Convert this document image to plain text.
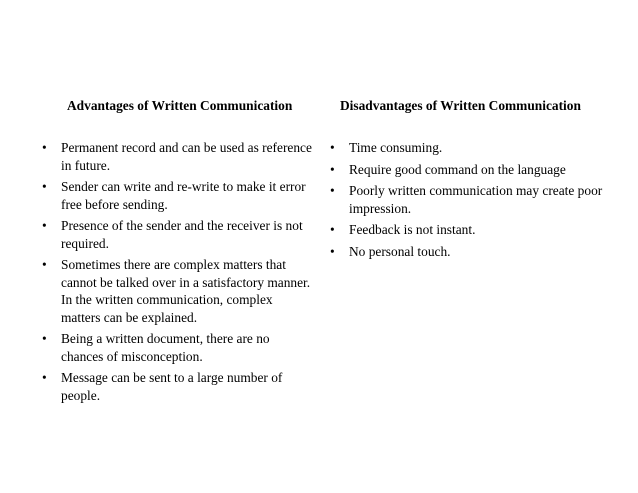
Advantages of Written Communication
•	Permanent record and can be used as reference in future.
•	Sender can write and re-write to make it error free before sending.
•	Presence of the sender and the receiver is not required.
•	Sometimes there are complex matters that cannot be talked over in a satisfactory manner. In the written communication, complex matters can be explained.
•	Being a written document, there are no chances of misconception.
•	Message can be sent to a large number of people.
Disadvantages of Written Communication
•	Time consuming.
•	Require good command on the language
•	Poorly written communication may create poor impression.
•	Feedback is not instant.
•	No personal touch.
